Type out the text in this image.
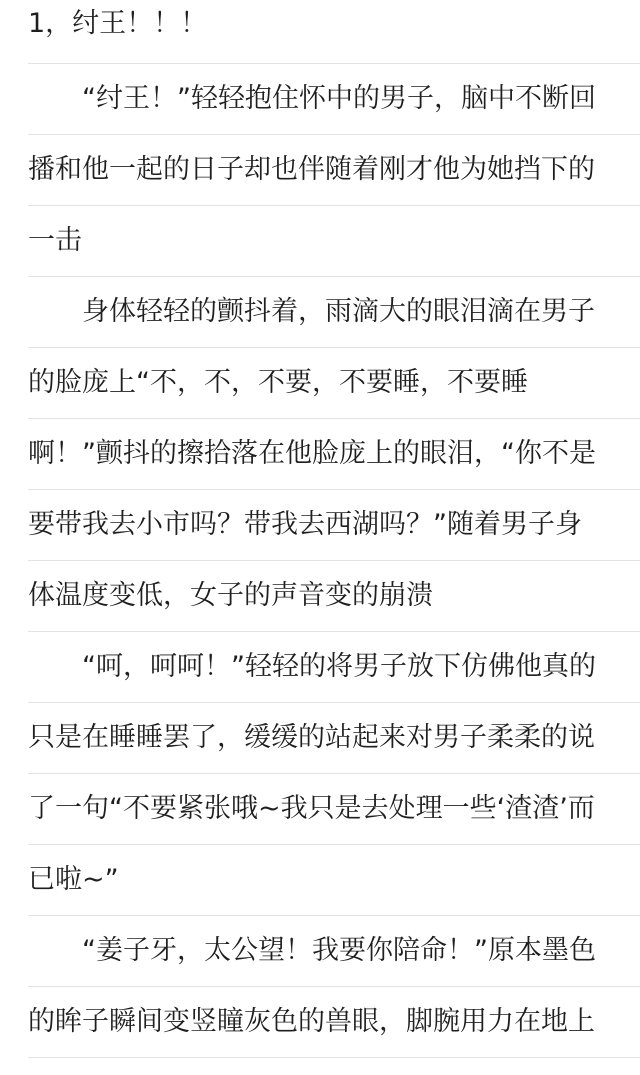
1，纣王！！！
　　“纣王！”轻轻抱住怀中的男子，脑中不断回
播和他一起的日子却也伴随着刚才他为她挡下的
一击
　　身体轻轻的颤抖着，雨滴大的眼泪滴在男子
的脸庞上“不，不，不要，不要睡，不要睡
啊！”颤抖的擦拾落在他脸庞上的眼泪，“你不是
要带我去小市吗？带我去西湖吗？”随着男子身
体温度变低，女子的声音变的崩溃
　　“呵，呵呵！”轻轻的将男子放下仿佛他真的
只是在睡睡罢了，缓缓的站起来对男子柔柔的说
了一句“不要紧张哦~我只是去处理一些‘渣渣’而
已啦~”
　　“姜子牙，太公望！我要你陪命！”原本墨色
的眸子瞬间变竖瞳灰色的兽眼，脚腕用力在地上
